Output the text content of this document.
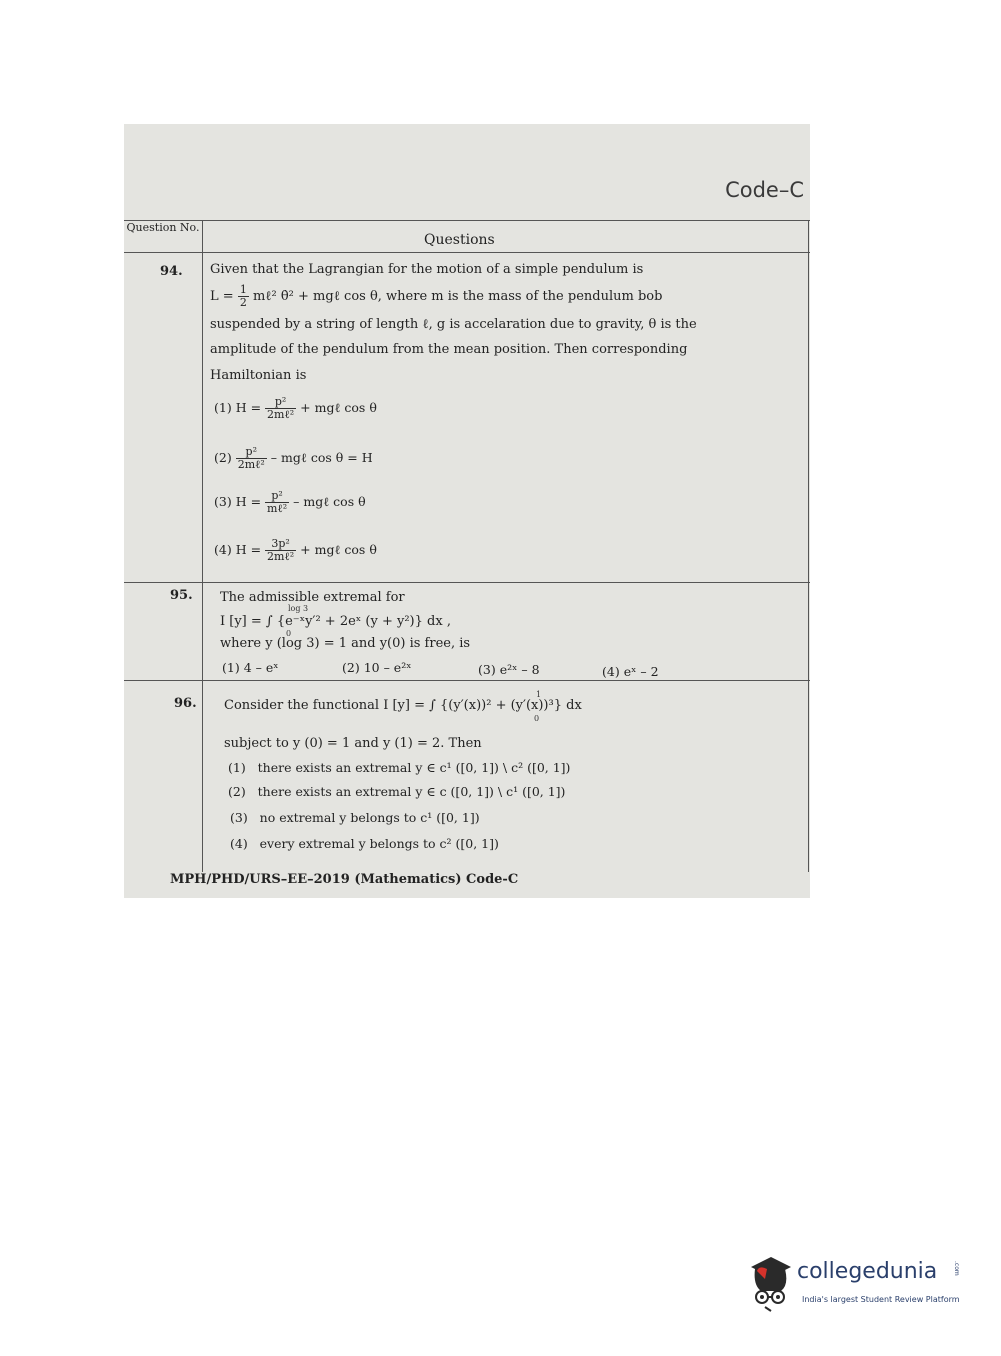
Code–C
Question No.
Questions
94. Given that the Lagrangian for the motion of a simple pendulum is
$L = \frac{1}{2}$ mℓ² θ̇² + mgℓ cos θ, where m is the mass of the pendulum bob
suspended by a string of length ℓ, g is accelaration due to gravity, θ is the
amplitude of the pendulum from the mean position. Then corresponding
Hamiltonian is
(1) $H = \frac{\text{p²}}{\text{2mℓ²}}$ + mgℓ cos θ
$(2) \frac{\text{p²}}{\text{2mℓ²}}$ – mgℓ cos θ = H
(3) $H = \frac{\text{p²}}{\text{mℓ²}}$ – mgℓ cos θ
(4) $H = \frac{\text{3p²}}{\text{2mℓ²}}$ + mgℓ cos θ
95. The admissible extremal for
log 3
I [y] = ∫ {e⁻ˣy′² + 2eˣ (y + y²)} dx ,
0
where y (log 3) = 1 and y(0) is free, is
(1) 4 – eˣ	(2) 10 – e²ˣ	(3) e²ˣ – 8	(4) eˣ – 2
96.
1
Consider the functional I [y] = ∫ {(y′(x))² + (y′(x))³} dx
0
subject to y (0) = 1 and y (1) = 2. Then
(1) there exists an extremal y ∈ c¹ ([0, 1]) \ c² ([0, 1])
(2) there exists an extremal y ∈ c ([0, 1]) \ c¹ ([0, 1])
(3) no extremal y belongs to c¹ ([0, 1])
(4) every extremal y belongs to c² ([0, 1])
MPH/PHD/URS–EE–2019 (Mathematics) Code-C
collegedunia	.com
India's largest Student Review Platform
